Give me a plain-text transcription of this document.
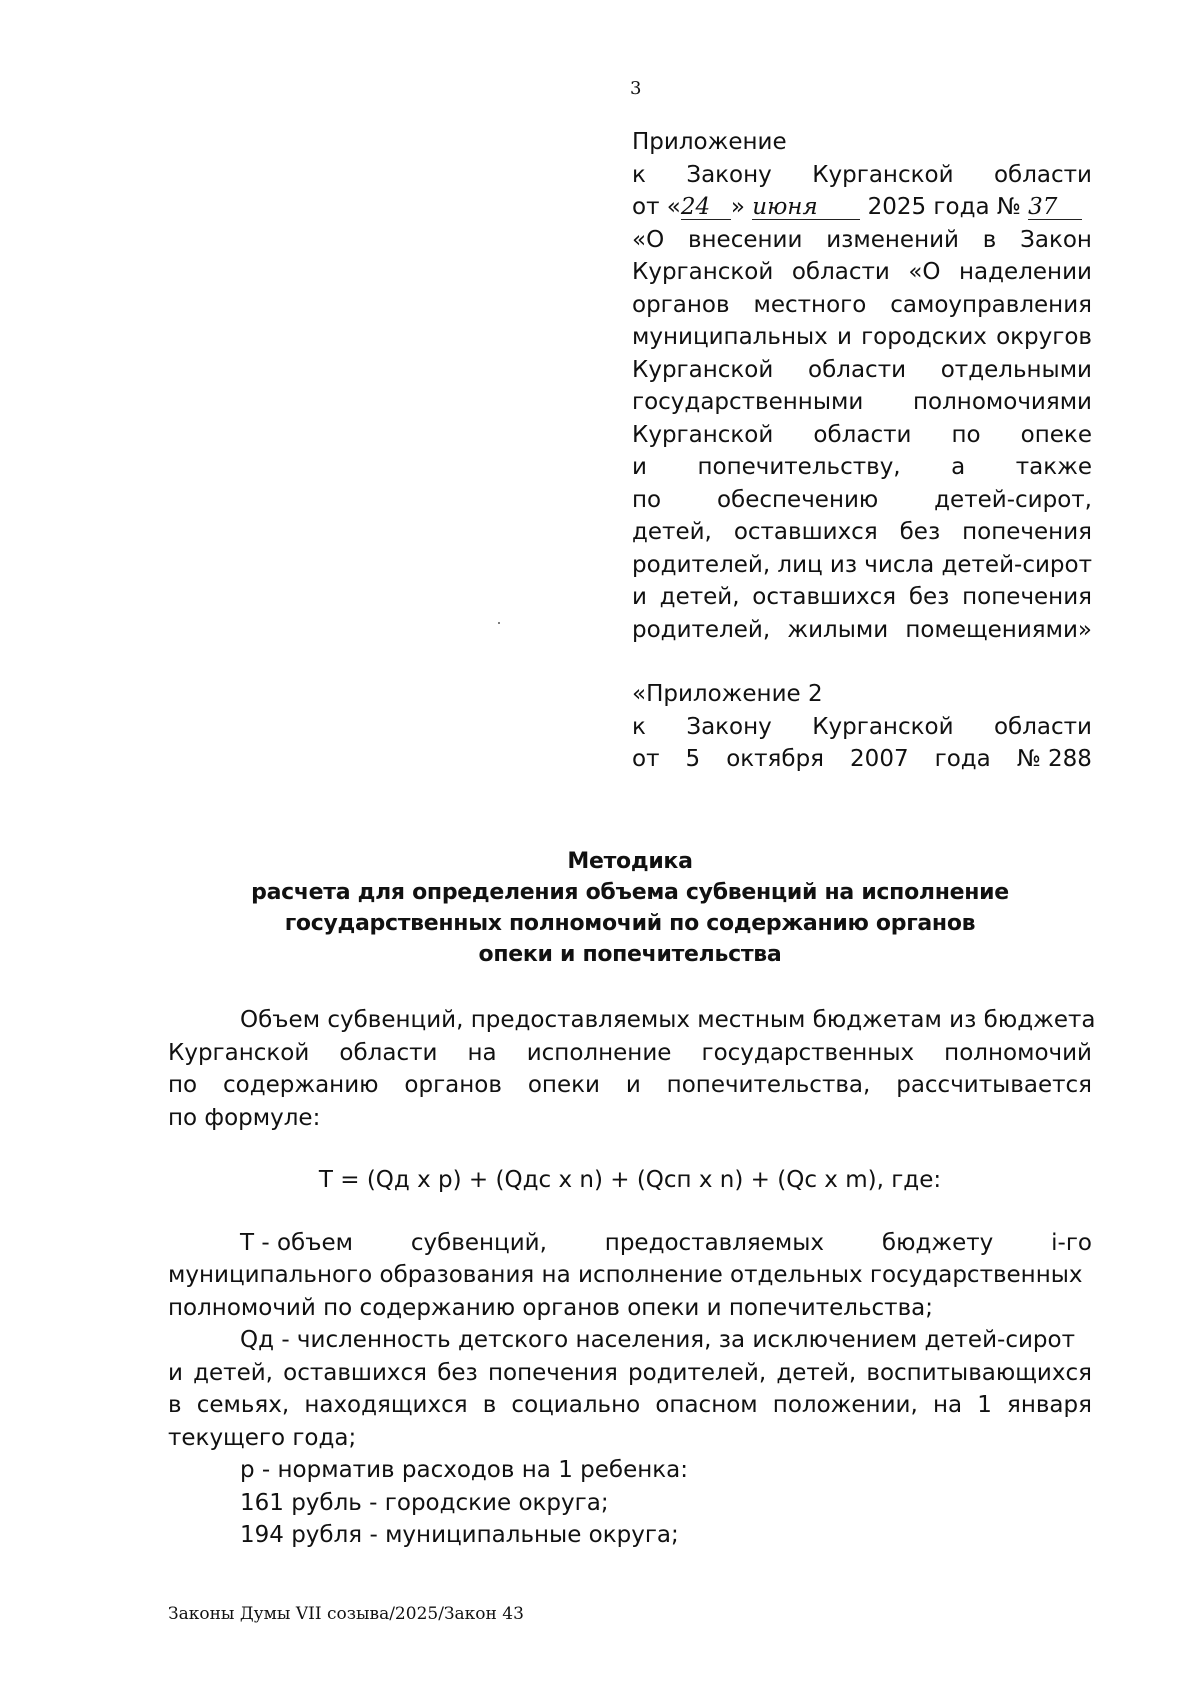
3
Приложение
к Закону Курганской области
от «24 » июня 2025 года № 37
«О внесении изменений в Закон
Курганской области «О наделении
органов местного самоуправления
муниципальных и городских округов
Курганской области отдельными
государственными полномочиями
Курганской области по опеке
и попечительству, а также
по обеспечению детей-сирот,
детей, оставшихся без попечения
родителей, лиц из числа детей-сирот
и детей, оставшихся без попечения
родителей, жилыми помещениями»
«Приложение 2
к Закону Курганской области
от 5 октября 2007 года № 288
Методика
расчета для определения объема субвенций на исполнение
государственных полномочий по содержанию органов
опеки и попечительства
Объем субвенций, предоставляемых местным бюджетам из бюджета
Курганской области на исполнение государственных полномочий
по содержанию органов опеки и попечительства, рассчитывается
по формуле:
T = (Qд x p) + (Qдс x n) + (Qсп x n) + (Qс x m), где:
T - объем	субвенций,	предоставляемых	бюджету	i-го
муниципального образования на исполнение отдельных государственных
полномочий по содержанию органов опеки и попечительства;
Qд - численность детского населения, за исключением детей-сирот
и детей, оставшихся без попечения родителей, детей, воспитывающихся
в семьях, находящихся в социально опасном положении, на 1 января
текущего года;
p - норматив расходов на 1 ребенка:
161 рубль - городские округа;
194 рубля - муниципальные округа;
Законы Думы VII созыва/2025/Закон 43
